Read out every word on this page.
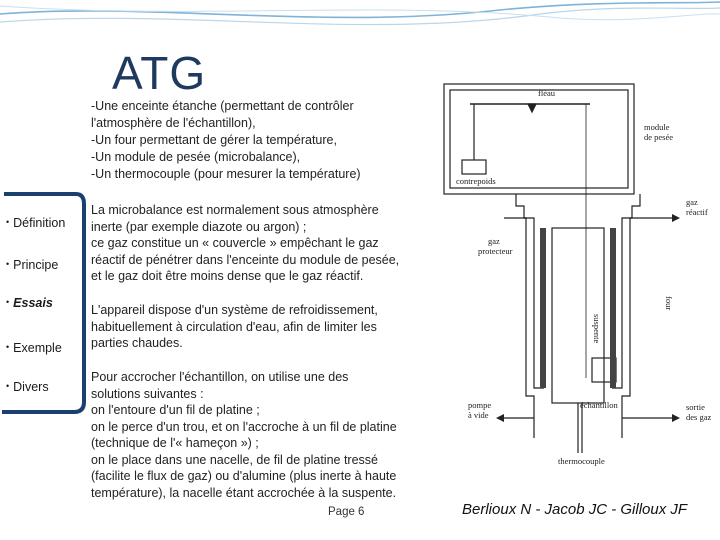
ATG
-Une enceinte étanche (permettant de contrôler
l'atmosphère de l'échantillon),
-Un four permettant de gérer la température,
-Un module de pesée (microbalance),
-Un thermocouple (pour mesurer la température)
• Définition
• Principe
• Essais
• Exemple
• Divers
La microbalance est normalement sous atmosphère
inerte (par exemple diazote ou argon) ;
ce gaz constitue un « couvercle » empêchant le gaz
réactif de pénétrer dans l'enceinte du module de pesée,
et le gaz doit être moins dense que le gaz réactif.
L'appareil dispose d'un système de refroidissement,
habituellement à circulation d'eau, afin de limiter les
parties chaudes.
Pour accrocher l'échantillon, on utilise une des
solutions suivantes :
on l'entoure d'un fil de platine ;
on le perce d'un trou, et on l'accroche à un fil de platine
(technique de l'« hameçon ») ;
on le place dans une nacelle, de fil de platine tressé
(facilite le flux de gaz) ou d'alumine (plus inerte à haute
température), la nacelle étant accrochée à la suspente.
Page 6	Berlioux N - Jacob JC - Gilloux JF
fléau
module
de pesée
contrepoids
gaz
réactif
gaz
protecteur
suspente
four
pompe
à vide
échantillon	sortie
des gaz
thermocouple
